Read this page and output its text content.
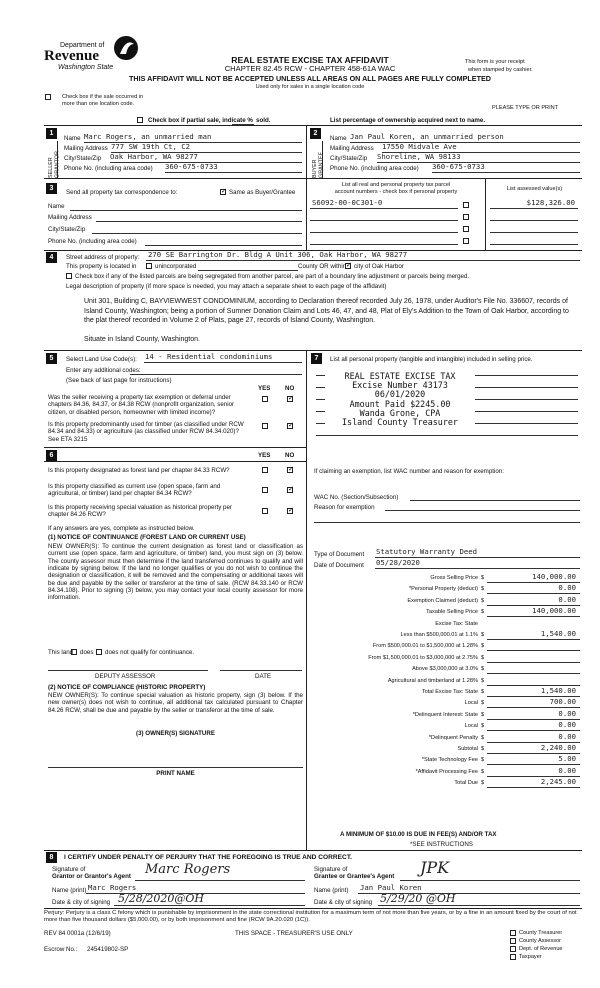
Department of
Revenue
Washington State
REAL ESTATE EXCISE TAX AFFIDAVIT
CHAPTER 82.45 RCW - CHAPTER 458-61A WAC
THIS AFFIDAVIT WILL NOT BE ACCEPTED UNLESS ALL AREAS ON ALL PAGES ARE FULLY COMPLETED
Used only for sales in a single location code
This form is your receipt
when stamped by cashier.
Check box if the sale occurred in
more than one location code.
PLEASE TYPE OR PRINT
Check box if partial sale, indicate % sold.	List percentage of ownership acquired next to name.
1
SELLER GRANTOR
Name Marc Rogers, an unmarried man
Mailing Address 777 SW 19th Ct, C2
City/State/Zip Oak Harbor, WA 98277
Phone No. (including area code) 360-675-0733
2
BUYER GRANTEE
Name Jan Paul Koren, an unmarried person
Mailing Address 17550 Midvale Ave
City/State/Zip Shoreline, WA 98133
Phone No. (including area code) 360-675-0733
3
Send all property tax correspondence to: ✓	Same as Buyer/Grantee
Name
Mailing Address
City/State/Zip
Phone No. (including area code)
List all real and personal property tax parcel
account numbers - check box if personal property	List assessed value(s)
S6092-00-0C301-0	$128,326.00
4	Street address of property: 270 SE Barrington Dr. Bldg A Unit 306, Oak Harbor, WA 98277
This property is located in	unincorporated	County OR within ✓ city of Oak Harbor
Check box if any of the listed parcels are being segregated from another parcel, are part of a boundary line adjustment or parcels being merged.
Legal description of property (if more space is needed, you may attach a separate sheet to each page of the affidavit)
Unit 301, Building C, BAYVIEWWEST CONDOMINIUM, according to Declaration thereof recorded July 26, 1978, under Auditor's File No. 336607, records of Island County, Washington; being a portion of Sumner Donation Claim and Lots 46, 47, and 48, Plat of Ely's Addition to the Town of Oak Harbor, according to the plat thereof recorded in Volume 2 of Plats, page 27, records of Island County, Washington.
Situate in Island County, Washington.
5	Select Land Use Code(s): 14 - Residential condominiums
Enter any additional codes:
(See back of last page for instructions)
YES NO
Was the seller receiving a property tax exemption or deferral under chapters 84.36, 84.37, or 84.38 RCW (nonprofit organization, senior citizen, or disabled person, homeowner with limited income)?
✓
Is this property predominantly used for timber (as classified under RCW 84.34 and 84.33) or agriculture (as classified under RCW 84.34.020)? See ETA 3215
✓
6	YES NO
Is this property designated as forest land per chapter 84.33 RCW?
✓
Is this property classified as current use (open space, farm and agricultural, or timber) land per chapter 84.34 RCW?
✓
Is this property receiving special valuation as historical property per chapter 84.26 RCW?
✓
If any answers are yes, complete as instructed below.
(1) NOTICE OF CONTINUANCE (FOREST LAND OR CURRENT USE)
NEW OWNER(S): To continue the current designation as forest land or classification as current use (open space, farm and agriculture, or timber) land, you must sign on (3) below. The county assessor must then determine if the land transferred continues to qualify and will indicate by signing below. If the land no longer qualifies or you do not wish to continue the designation or classification, it will be removed and the compensating or additional taxes will be due and payable by the seller or transferor at the time of sale. (RCW 84.33.140 or RCW 84.34.108). Prior to signing (3) below, you may contact your local county assessor for more information.
This land does does not qualify for continuance.
DEPUTY ASSESSOR	DATE
(2) NOTICE OF COMPLIANCE (HISTORIC PROPERTY)
NEW OWNER(S): To continue special valuation as historic property, sign (3) below. If the new owner(s) does not wish to continue, all additional tax calculated pursuant to Chapter 84.26 RCW, shall be due and payable by the seller or transferor at the time of sale.
(3) OWNER(S) SIGNATURE
PRINT NAME
7	List all personal property (tangible and intangible) included in selling price.
REAL ESTATE EXCISE TAX
Excise Number 43173
06/01/2020
Amount Paid $2245.00
Wanda Grone, CPA
Island County Treasurer
If claiming an exemption, list WAC number and reason for exemption:
WAC No. (Section/Subsection)
Reason for exemption
Type of Document Statutory Warranty Deed
Date of Document 05/28/2020
Gross Selling Price $	140,000.00
*Personal Property (deduct) $	0.00
Exemption Claimed (deduct) $	0.00
Taxable Selling Price $	140,000.00
Excise Tax: State
Less than $500,000.01 at 1.1% $	1,540.00
From $500,000.01 to $1,500,000 at 1.28% $
From $1,500,000.01 to $3,000,000 at 2.75% $
Above $3,000,000 at 3.0% $
Agricultural and timberland at 1.28% $
Total Excise Tax: State $	1,540.00
Local $	700.00
*Delinquent Interest: State $	0.00
Local $	0.00
*Delinquent Penalty $	0.00
Subtotal $	2,240.00
*State Technology Fee $	5.00
*Affidavit Processing Fee $	0.00
Total Due $	2,245.00
A MINIMUM OF $10.00 IS DUE IN FEE(S) AND/OR TAX
*SEE INSTRUCTIONS
8	I CERTIFY UNDER PENALTY OF PERJURY THAT THE FOREGOING IS TRUE AND CORRECT.
Signature of
Grantor or Grantor's Agent Marc Rogers	Signature of
Grantee or Grantee's Agent JPK
Name (print) Marc Rogers	Name (print) Jan Paul Koren
Date & city of signing 5/28/2020@OH	Date & city of signing 5/29/20 @OH
Perjury: Perjury is a class C felony which is punishable by imprisonment in the state correctional institution for a maximum term of not more than five years, or by a fine in an amount fixed by the court of not more than five thousand dollars ($5,000.00), or by both imprisonment and fine (RCW 9A.20.020 (1C)).
REV 84 0001a (12/6/19)	THIS SPACE - TREASURER'S USE ONLY
Escrow No.: 245419802-SP
County Treasurer
County Assessor
Dept. of Revenue
Taxpayer
